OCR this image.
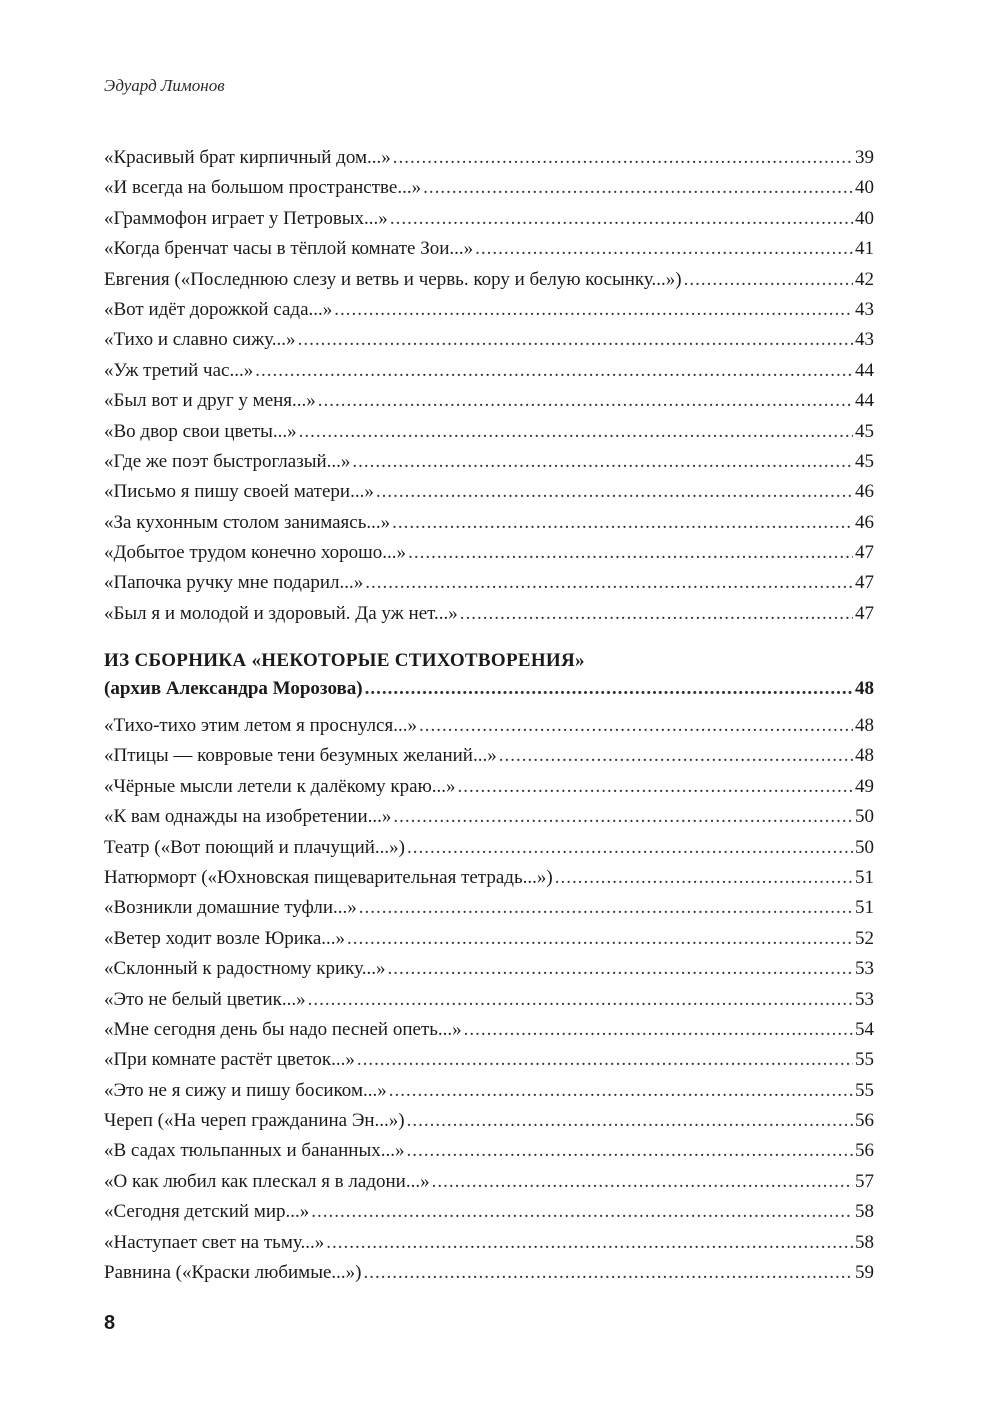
Эдуард Лимонов
«Красивый брат кирпичный дом...» .....	39
«И всегда на большом пространстве...» .....	40
«Граммофон играет у Петровых...» .....	40
«Когда бренчат часы в тёплой комнате Зои...» .....	41
Евгения («Последнюю слезу и ветвь и червь. кору и белую косынку...») .....	42
«Вот идёт дорожкой сада...» .....	43
«Тихо и славно сижу...» .....	43
«Уж третий час...» .....	44
«Был вот и друг у меня...» .....	44
«Во двор свои цветы...» .....	45
«Где же поэт быстроглазый...» .....	45
«Письмо я пишу своей матери...» .....	46
«За кухонным столом занимаясь...» .....	46
«Добытое трудом конечно хорошо...» .....	47
«Папочка ручку мне подарил...» .....	47
«Был я и молодой и здоровый. Да уж нет...» .....	47
ИЗ СБОРНИКА «НЕКОТОРЫЕ СТИХОТВОРЕНИЯ»
(архив Александра Морозова) .....	48
«Тихо-тихо этим летом я проснулся...» .....	48
«Птицы — ковровые тени безумных желаний...» .....	48
«Чёрные мысли летели к далёкому краю...» .....	49
«К вам однажды на изобретении...» .....	50
Театр («Вот поющий и плачущий...») .....	50
Натюрморт («Юхновская пищеварительная тетрадь...») .....	51
«Возникли домашние туфли...» .....	51
«Ветер ходит возле Юрика...» .....	52
«Склонный к радостному крику...» .....	53
«Это не белый цветик...» .....	53
«Мне сегодня день бы надо песней опеть...» .....	54
«При комнате растёт цветок...» .....	55
«Это не я сижу и пишу босиком...» .....	55
Череп («На череп гражданина Эн...») .....	56
«В садах тюльпанных и бананных...» .....	56
«О как любил как плескал я в ладони...» .....	57
«Сегодня детский мир...» .....	58
«Наступает свет на тьму...» .....	58
Равнина («Краски любимые...») .....	59
8
